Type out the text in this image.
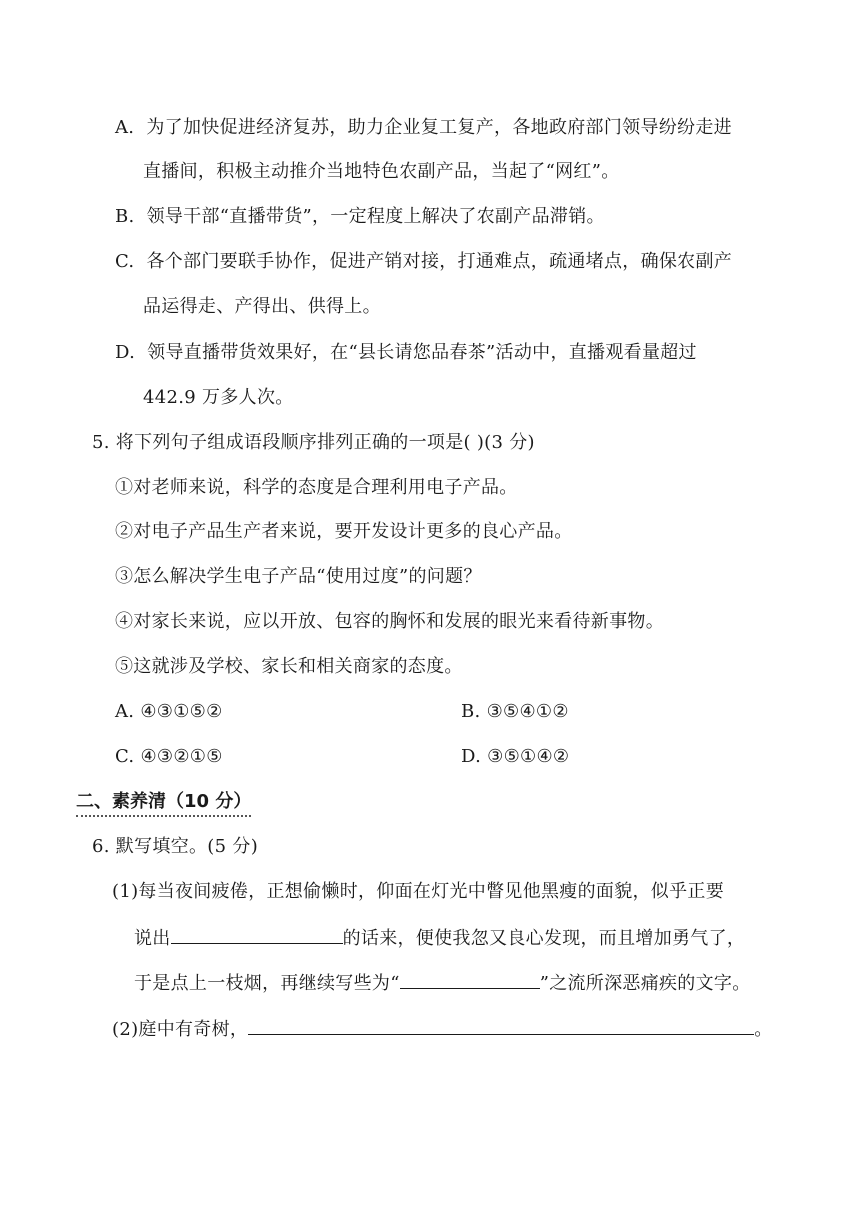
A. 为了加快促进经济复苏，助力企业复工复产，各地政府部门领导纷纷走进
直播间，积极主动推介当地特色农副产品，当起了“网红”。
B. 领导干部“直播带货”，一定程度上解决了农副产品滞销。
C. 各个部门要联手协作，促进产销对接，打通难点，疏通堵点，确保农副产
品运得走、产得出、供得上。
D. 领导直播带货效果好，在“县长请您品春茶”活动中，直播观看量超过
442.9 万多人次。
5. 将下列句子组成语段顺序排列正确的一项是( )(3 分)
①对老师来说，科学的态度是合理利用电子产品。
②对电子产品生产者来说，要开发设计更多的良心产品。
③怎么解决学生电子产品“使用过度”的问题？
④对家长来说，应以开放、包容的胸怀和发展的眼光来看待新事物。
⑤这就涉及学校、家长和相关商家的态度。
A. ④③①⑤②	B. ③⑤④①②
C. ④③②①⑤	D. ③⑤①④②
二、素养清（10 分）
6. 默写填空。(5 分)
(1)每当夜间疲倦，正想偷懒时，仰面在灯光中瞥见他黑瘦的面貌，似乎正要
说出	的话来，便使我忽又良心发现，而且增加勇气了，
于是点上一枝烟，再继续写些为“	”之流所深恶痛疾的文字。
(2)庭中有奇树，	。
